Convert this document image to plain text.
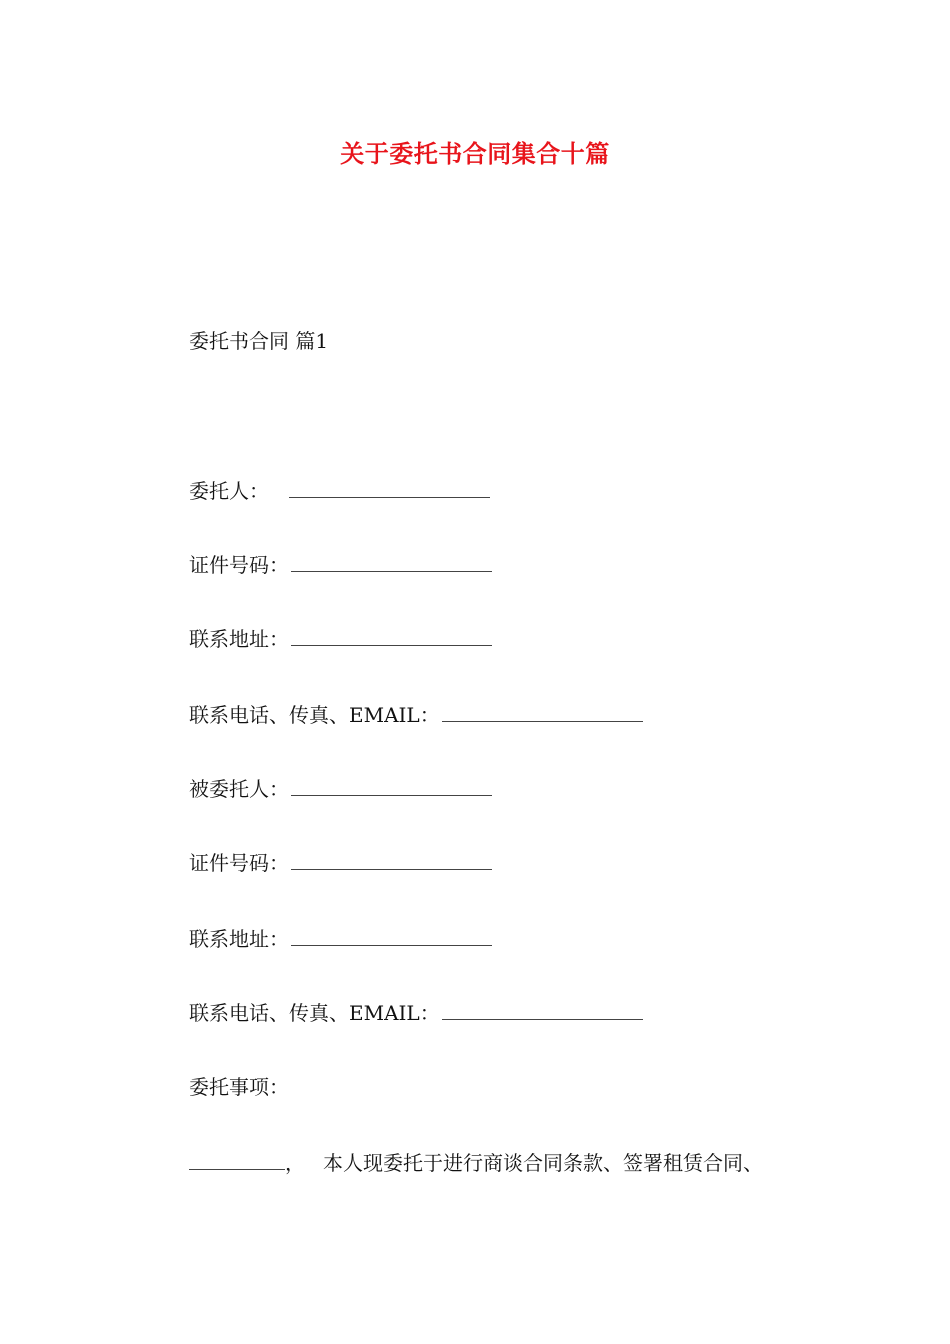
关于委托书合同集合十篇
委托书合同 篇1
委托人：
证件号码：
联系地址：
联系电话、传真、EMAIL：
被委托人：
证件号码：
联系地址：
联系电话、传真、EMAIL：
委托事项：
， 本人现委托于进行商谈合同条款、签署租赁合同、
